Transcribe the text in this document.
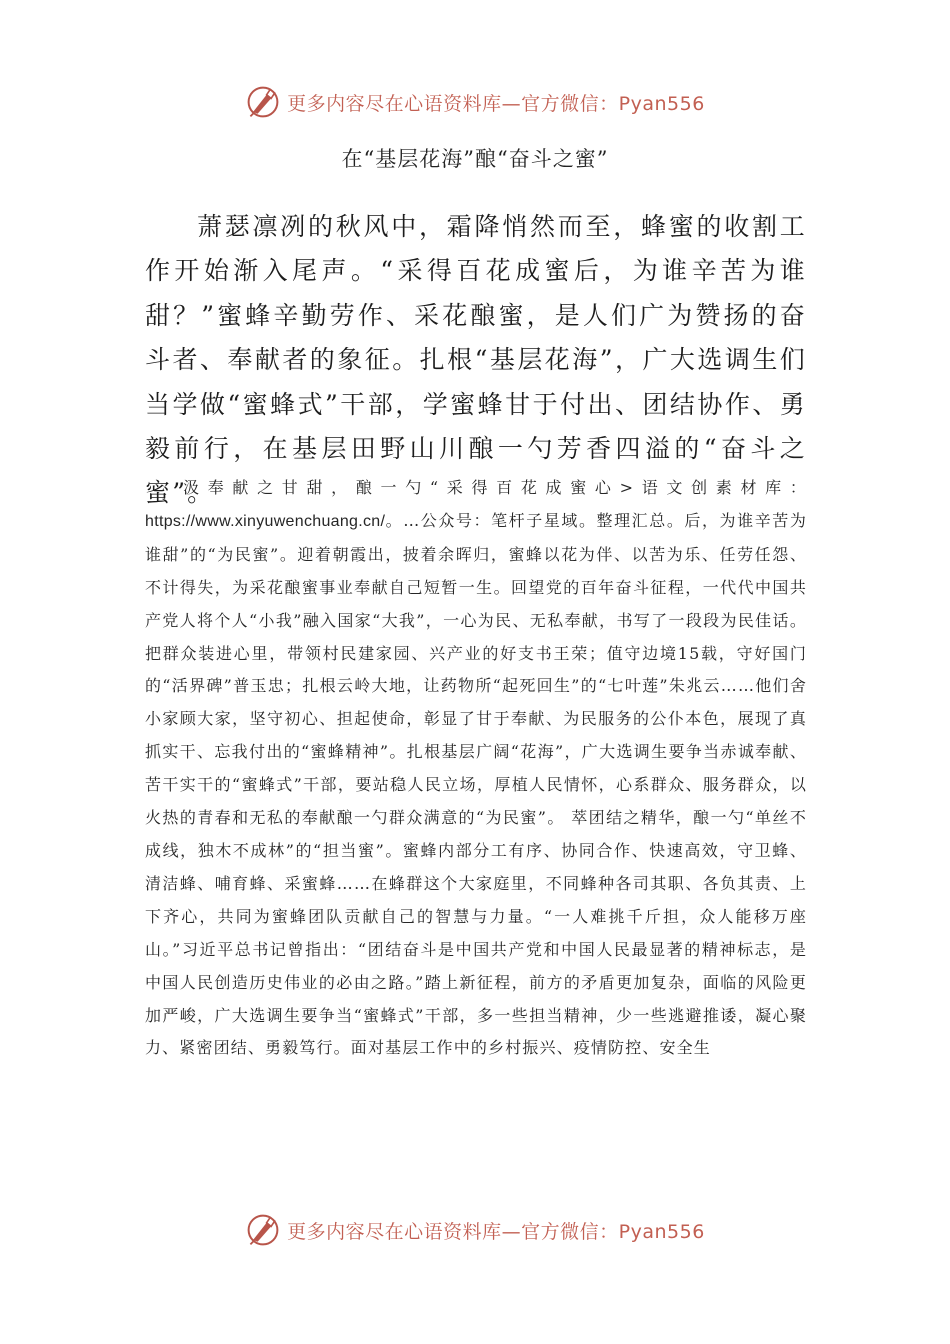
更多内容尽在心语资料库—官方微信：Pyan556
在“基层花海”酿“奋斗之蜜”

萧瑟凛冽的秋风中，霜降悄然而至，蜂蜜的收割工作开始渐入尾声。“采得百花成蜜后，为谁辛苦为谁甜？”蜜蜂辛勤劳作、采花酿蜜，是人们广为赞扬的奋斗者、奉献者的象征。扎根“基层花海”，广大选调生们当学做“蜜蜂式”干部，学蜜蜂甘于付出、团结协作、勇毅前行，在基层田野山川酿一勺芳香四溢的“奋斗之蜜”。

汲奉献之甘甜，酿一勺“采得百花成蜜心>语文创素材库： https://www.xinyuwenchuang.cn/。…公众号：笔杆子星域。整理汇总。后，为谁辛苦为谁甜”的“为民蜜”。迎着朝霞出，披着余晖归，蜜蜂以花为伴、以苦为乐、任劳任怨、不计得失，为采花酿蜜事业奉献自己短暂一生。回望党的百年奋斗征程，一代代中国共产党人将个人“小我”融入国家“大我”，一心为民、无私奉献，书写了一段段为民佳话。把群众装进心里，带领村民建家园、兴产业的好支书王荣；值守边境15载，守好国门的“活界碑”普玉忠；扎根云岭大地，让药物所“起死回生”的“七叶莲”朱兆云……他们舍小家顾大家，坚守初心、担起使命，彰显了甘于奉献、为民服务的公仆本色，展现了真抓实干、忘我付出的“蜜蜂精神”。扎根基层广阔“花海”，广大选调生要争当赤诚奉献、苦干实干的“蜜蜂式”干部，要站稳人民立场，厚植人民情怀，心系群众、服务群众，以火热的青春和无私的奉献酿一勺群众满意的“为民蜜”。 萃团结之精华，酿一勺“单丝不成线，独木不成林”的“担当蜜”。蜜蜂内部分工有序、协同合作、快速高效，守卫蜂、清洁蜂、哺育蜂、采蜜蜂……在蜂群这个大家庭里，不同蜂种各司其职、各负其责、上下齐心，共同为蜜蜂团队贡献自己的智慧与力量。“一人难挑千斤担，众人能移万座山。”习近平总书记曾指出：“团结奋斗是中国共产党和中国人民最显著的精神标志，是中国人民创造历史伟业的必由之路。”踏上新征程，前方的矛盾更加复杂，面临的风险更加严峻，广大选调生要争当“蜜蜂式”干部，多一些担当精神，少一些逃避推诿，凝心聚力、紧密团结、勇毅笃行。面对基层工作中的乡村振兴、疫情防控、安全生

更多内容尽在心语资料库—官方微信：Pyan556
